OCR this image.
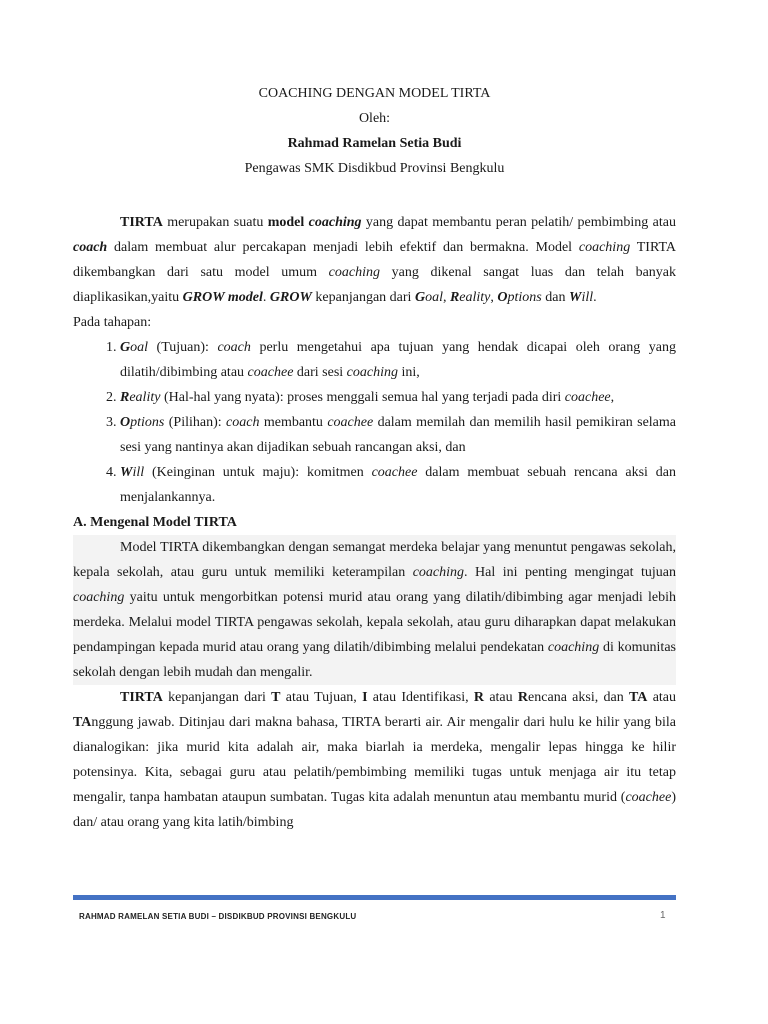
COACHING DENGAN MODEL TIRTA
Oleh:
Rahmad Ramelan Setia Budi
Pengawas SMK Disdikbud Provinsi Bengkulu

TIRTA merupakan suatu model coaching yang dapat membantu peran pelatih/ pembimbing atau coach dalam membuat alur percakapan menjadi lebih efektif dan bermakna. Model coaching TIRTA dikembangkan dari satu model umum coaching yang dikenal sangat luas dan telah banyak diaplikasikan,yaitu GROW model. GROW kepanjangan dari Goal, Reality, Options dan Will.

Pada tahapan:

1. Goal (Tujuan): coach perlu mengetahui apa tujuan yang hendak dicapai oleh orang yang dilatih/dibimbing atau coachee dari sesi coaching ini,
2. Reality (Hal-hal yang nyata): proses menggali semua hal yang terjadi pada diri coachee,
3. Options (Pilihan): coach membantu coachee dalam memilah dan memilih hasil pemikiran selama sesi yang nantinya akan dijadikan sebuah rancangan aksi, dan
4. Will (Keinginan untuk maju): komitmen coachee dalam membuat sebuah rencana aksi dan menjalankannya.

A. Mengenal Model TIRTA

Model TIRTA dikembangkan dengan semangat merdeka belajar yang menuntut pengawas sekolah, kepala sekolah, atau guru untuk memiliki keterampilan coaching. Hal ini penting mengingat tujuan coaching yaitu untuk mengorbitkan potensi murid atau orang yang dilatih/dibimbing agar menjadi lebih merdeka. Melalui model TIRTA pengawas sekolah, kepala sekolah, atau guru diharapkan dapat melakukan pendampingan kepada murid atau orang yang dilatih/dibimbing melalui pendekatan coaching di komunitas sekolah dengan lebih mudah dan mengalir.

TIRTA kepanjangan dari T atau Tujuan, I atau Identifikasi, R atau Rencana aksi, dan TA atau TAnggung jawab. Ditinjau dari makna bahasa, TIRTA berarti air. Air mengalir dari hulu ke hilir yang bila dianalogikan: jika murid kita adalah air, maka biarlah ia merdeka, mengalir lepas hingga ke hilir potensinya. Kita, sebagai guru atau pelatih/pembimbing memiliki tugas untuk menjaga air itu tetap mengalir, tanpa hambatan ataupun sumbatan. Tugas kita adalah menuntun atau membantu murid (coachee) dan/ atau orang yang kita latih/bimbing

RAHMAD RAMELAN SETIA BUDI – DISDIKBUD PROVINSI BENGKULU	1
